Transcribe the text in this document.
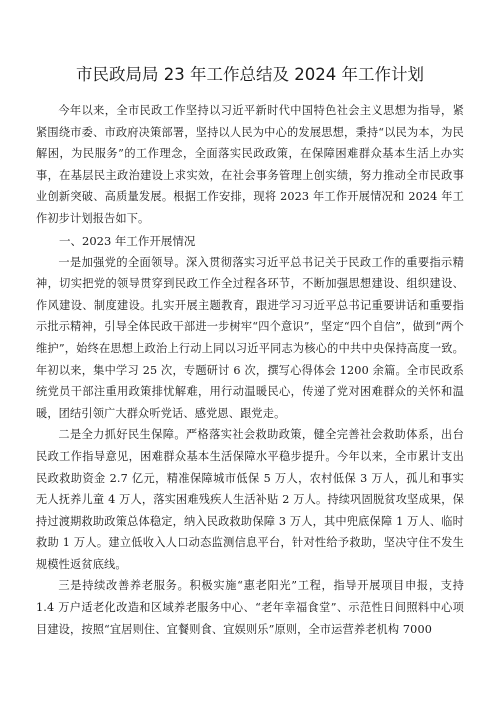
市民政局局 23 年工作总结及 2024 年工作计划

今年以来，全市民政工作坚持以习近平新时代中国特色社会主义思想为指导，紧紧围绕市委、市政府决策部署，坚持以人民为中心的发展思想，秉持“以民为本，为民解困，为民服务”的工作理念，全面落实民政政策，在保障困难群众基本生活上办实事，在基层民主政治建设上求实效，在社会事务管理上创实绩，努力推动全市民政事业创新突破、高质量发展。根据工作安排，现将 2023 年工作开展情况和 2024 年工作初步计划报告如下。

一、2023 年工作开展情况

一是加强党的全面领导。深入贯彻落实习近平总书记关于民政工作的重要指示精神，切实把党的领导贯穿到民政工作全过程各环节，不断加强思想建设、组织建设、作风建设、制度建设。扎实开展主题教育，跟进学习习近平总书记重要讲话和重要指示批示精神，引导全体民政干部进一步树牢“四个意识”，坚定“四个自信”，做到“两个维护”，始终在思想上政治上行动上同以习近平同志为核心的中共中央保持高度一致。年初以来，集中学习 25 次，专题研讨 6 次，撰写心得体会 1200 余篇。全市民政系统党员干部注重用政策排忧解难，用行动温暖民心，传递了党对困难群众的关怀和温暖，团结引领广大群众听党话、感党恩、跟党走。

二是全力抓好民生保障。严格落实社会救助政策，健全完善社会救助体系，出台民政工作指导意见，困难群众基本生活保障水平稳步提升。今年以来，全市累计支出民政救助资金 2.7 亿元，精准保障城市低保 5 万人，农村低保 3 万人，孤儿和事实无人抚养儿童 4 万人，落实困难残疾人生活补贴 2 万人。持续巩固脱贫攻坚成果，保持过渡期救助政策总体稳定，纳入民政救助保障 3 万人，其中兜底保障 1 万人、临时救助 1 万人。建立低收入人口动态监测信息平台，针对性给予救助，坚决守住不发生规模性返贫底线。

三是持续改善养老服务。积极实施“惠老阳光”工程，指导开展项目申报，支持 1.4 万户适老化改造和区域养老服务中心、“老年幸福食堂”、示范性日间照料中心项目建设，按照“宜居则住、宜餐则食、宜娱则乐”原则，全市运营养老机构 7000
